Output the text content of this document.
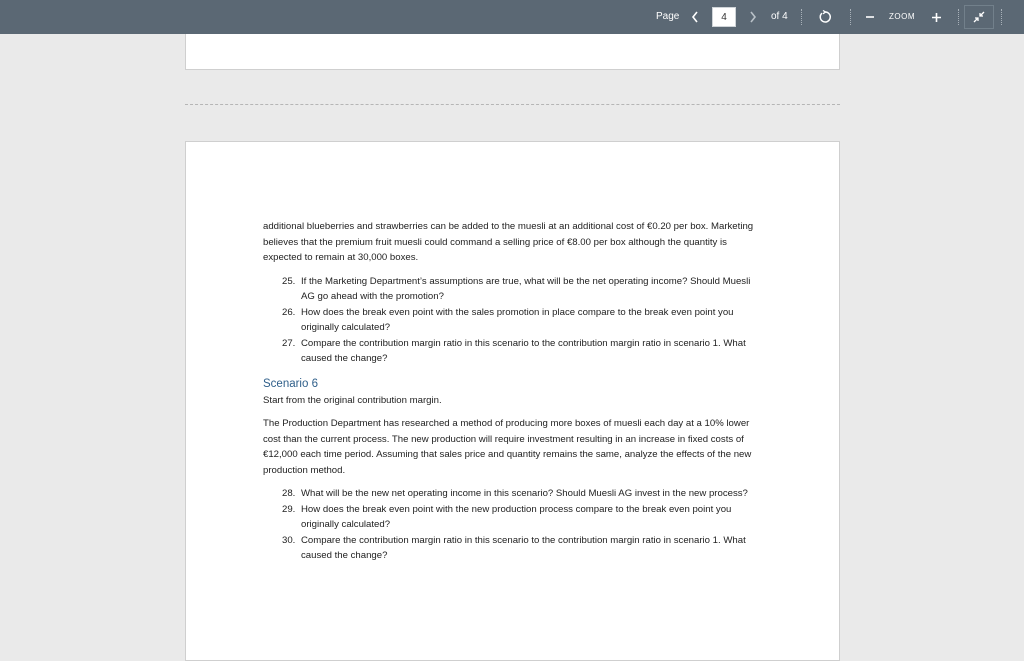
Page
4	of 4	ZOOM

additional blueberries and strawberries can be added to the muesli at an additional cost of €0.20 per box. Marketing believes that the premium fruit muesli could command a selling price of €8.00 per box although the quantity is expected to remain at 30,000 boxes.

25. If the Marketing Department’s assumptions are true, what will be the net operating income? Should Muesli AG go ahead with the promotion?
26. How does the break even point with the sales promotion in place compare to the break even point you originally calculated?
27. Compare the contribution margin ratio in this scenario to the contribution margin ratio in scenario 1. What caused the change?
Scenario 6

Start from the original contribution margin.

The Production Department has researched a method of producing more boxes of muesli each day at a 10% lower cost than the current process. The new production will require investment resulting in an increase in fixed costs of €12,000 each time period. Assuming that sales price and quantity remains the same, analyze the effects of the new production method.

28. What will be the new net operating income in this scenario? Should Muesli AG invest in the new process?
29. How does the break even point with the new production process compare to the break even point you originally calculated?
30. Compare the contribution margin ratio in this scenario to the contribution margin ratio in scenario 1. What caused the change?
